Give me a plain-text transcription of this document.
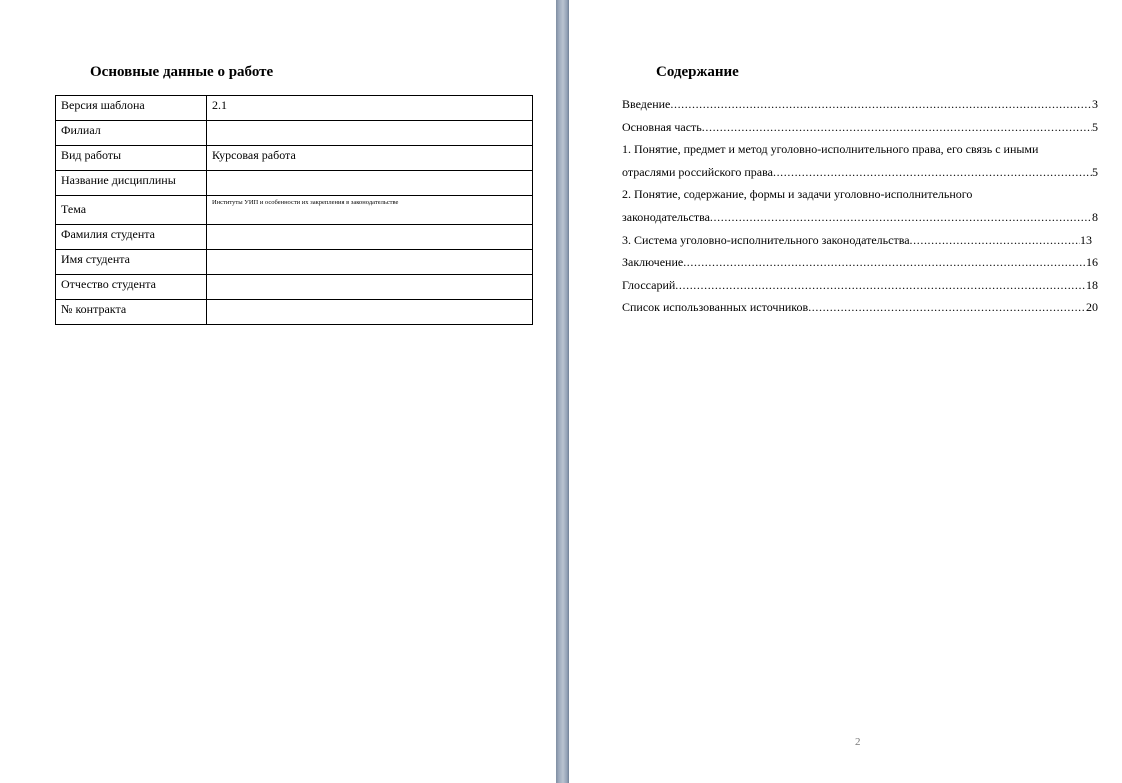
Основные данные о работе
Версия шаблона	2.1
Филиал	
Вид работы	Курсовая работа
Название дисциплины	
Тема	Институты УИП и особенности их закрепления в законодательстве
Фамилия студента	
Имя студента	
Отчество студента	
№ контракта	
Содержание
Введение .....	3
Основная часть .....	5
1. Понятие, предмет и метод уголовно-исполнительного права, его связь с иными
отраслями российского права .....	5
2. Понятие, содержание, формы и задачи уголовно-исполнительного
законодательства .....	8
3. Система уголовно-исполнительного законодательства .....	13
Заключение .....	16
Глоссарий .....	18
Список использованных источников .....	20
2
